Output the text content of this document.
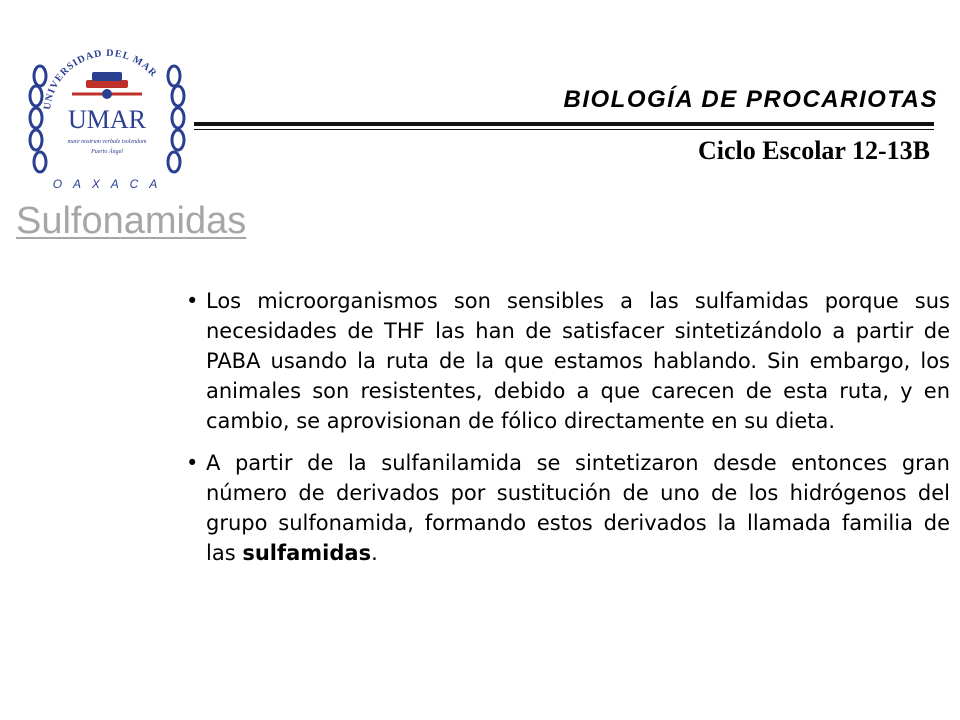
UNIVERSIDAD DEL MAR
UMAR
mare nostrum verbale tsolendum
Puerto Ángel
O A X A C A
BIOLOGÍA DE PROCARIOTAS
Ciclo Escolar 12-13B
Sulfonamidas
• Los microorganismos son sensibles a las sulfamidas porque sus necesidades de THF las han de satisfacer sintetizándolo a partir de PABA usando la ruta de la que estamos hablando. Sin embargo, los animales son resistentes, debido a que carecen de esta ruta, y en cambio, se aprovisionan de fólico directamente en su dieta.
• A partir de la sulfanilamida se sintetizaron desde entonces gran número de derivados por sustitución de uno de los hidrógenos del grupo sulfonamida, formando estos derivados la llamada familia de las sulfamidas.
